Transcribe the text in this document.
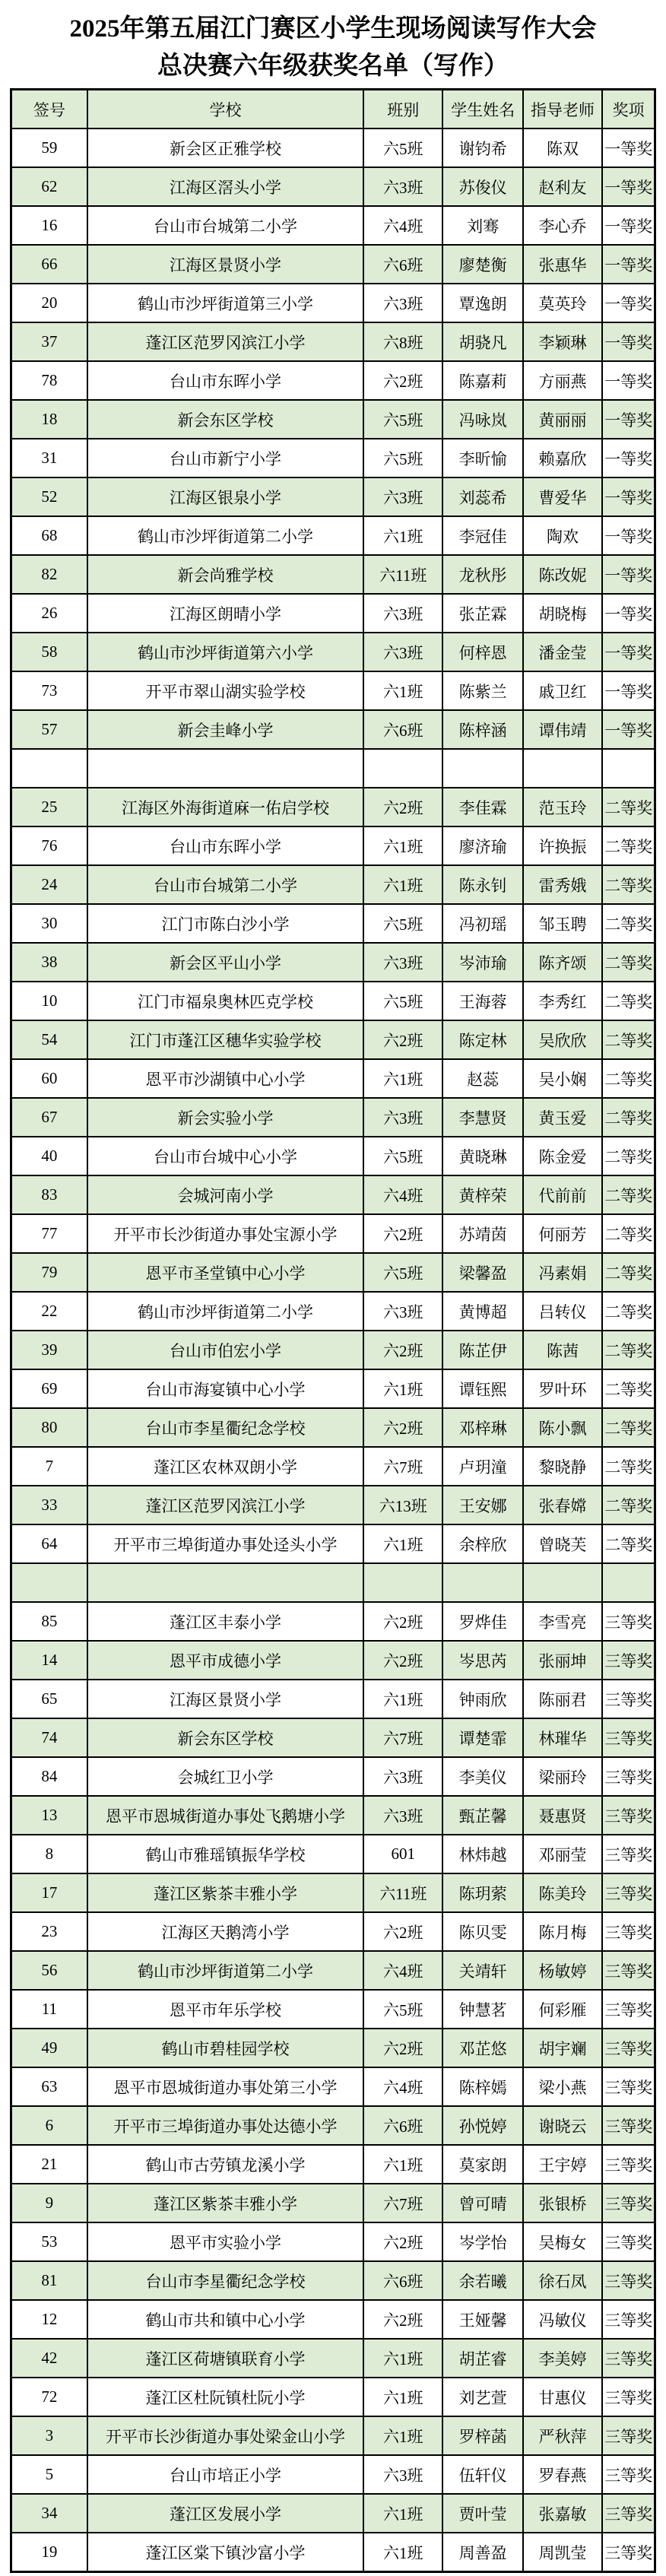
2025年第五届江门赛区小学生现场阅读写作大会
总决赛六年级获奖名单（写作）
签号	学校	班别	学生姓名	指导老师	奖项
59	新会区正雅学校	六5班	谢钧希	陈双	一等奖
62	江海区滘头小学	六3班	苏俊仪	赵利友	一等奖
16	台山市台城第二小学	六4班	刘骞	李心乔	一等奖
66	江海区景贤小学	六6班	廖楚衡	张惠华	一等奖
20	鹤山市沙坪街道第三小学	六3班	覃逸朗	莫英玲	一等奖
37	蓬江区范罗冈滨江小学	六8班	胡骁凡	李颖琳	一等奖
78	台山市东晖小学	六2班	陈嘉莉	方丽燕	一等奖
18	新会东区学校	六5班	冯咏岚	黄丽丽	一等奖
31	台山市新宁小学	六5班	李昕愉	赖嘉欣	一等奖
52	江海区银泉小学	六3班	刘蕊希	曹爱华	一等奖
68	鹤山市沙坪街道第二小学	六1班	李冠佳	陶欢	一等奖
82	新会尚雅学校	六11班	龙秋彤	陈改妮	一等奖
26	江海区朗晴小学	六3班	张芷霖	胡晓梅	一等奖
58	鹤山市沙坪街道第六小学	六3班	何梓恩	潘金莹	一等奖
73	开平市翠山湖实验学校	六1班	陈紫兰	戚卫红	一等奖
57	新会圭峰小学	六6班	陈梓涵	谭伟靖	一等奖

25	江海区外海街道麻一佑启学校	六2班	李佳霖	范玉玲	二等奖
76	台山市东晖小学	六1班	廖济瑜	许换振	二等奖
24	台山市台城第二小学	六1班	陈永钊	雷秀娥	二等奖
30	江门市陈白沙小学	六5班	冯初瑶	邹玉聘	二等奖
38	新会区平山小学	六3班	岑沛瑜	陈齐颂	二等奖
10	江门市福泉奥林匹克学校	六5班	王海蓉	李秀红	二等奖
54	江门市蓬江区穗华实验学校	六2班	陈定林	吴欣欣	二等奖
60	恩平市沙湖镇中心小学	六1班	赵蕊	吴小娴	二等奖
67	新会实验小学	六3班	李慧贤	黄玉爱	二等奖
40	台山市台城中心小学	六5班	黄晓琳	陈金爱	二等奖
83	会城河南小学	六4班	黄梓荣	代前前	二等奖
77	开平市长沙街道办事处宝源小学	六2班	苏靖茵	何丽芳	二等奖
79	恩平市圣堂镇中心小学	六5班	梁馨盈	冯素娟	二等奖
22	鹤山市沙坪街道第二小学	六3班	黄博超	吕转仪	二等奖
39	台山市伯宏小学	六2班	陈芷伊	陈茜	二等奖
69	台山市海宴镇中心小学	六1班	谭钰熙	罗叶环	二等奖
80	台山市李星衢纪念学校	六2班	邓梓琳	陈小飘	二等奖
7	蓬江区农林双朗小学	六7班	卢玥潼	黎晓静	二等奖
33	蓬江区范罗冈滨江小学	六13班	王安娜	张春嫦	二等奖
64	开平市三埠街道办事处迳头小学	六1班	余梓欣	曾晓芙	二等奖

85	蓬江区丰泰小学	六2班	罗烨佳	李雪亮	三等奖
14	恩平市成德小学	六2班	岑思芮	张丽坤	三等奖
65	江海区景贤小学	六1班	钟雨欣	陈丽君	三等奖
74	新会东区学校	六7班	谭楚霏	林璀华	三等奖
84	会城红卫小学	六3班	李美仪	梁丽玲	三等奖
13	恩平市恩城街道办事处飞鹅塘小学	六3班	甄芷馨	聂惠贤	三等奖
8	鹤山市雅瑶镇振华学校	601	林炜越	邓丽莹	三等奖
17	蓬江区紫茶丰雅小学	六11班	陈玥萦	陈美玲	三等奖
23	江海区天鹅湾小学	六2班	陈贝雯	陈月梅	三等奖
56	鹤山市沙坪街道第二小学	六4班	关靖轩	杨敏婷	三等奖
11	恩平市年乐学校	六5班	钟慧茗	何彩雁	三等奖
49	鹤山市碧桂园学校	六2班	邓芷悠	胡宇斓	三等奖
63	恩平市恩城街道办事处第三小学	六4班	陈梓嫣	梁小燕	三等奖
6	开平市三埠街道办事处达德小学	六6班	孙悦婷	谢晓云	三等奖
21	鹤山市古劳镇龙溪小学	六1班	莫家朗	王宇婷	三等奖
9	蓬江区紫茶丰雅小学	六7班	曾可晴	张银桥	三等奖
53	恩平市实验小学	六2班	岑学怡	吴梅女	三等奖
81	台山市李星衢纪念学校	六6班	余若曦	徐石凤	三等奖
12	鹤山市共和镇中心小学	六2班	王娅馨	冯敏仪	三等奖
42	蓬江区荷塘镇联育小学	六1班	胡芷睿	李美婷	三等奖
72	蓬江区杜阮镇杜阮小学	六1班	刘艺萱	甘惠仪	三等奖
3	开平市长沙街道办事处梁金山小学	六1班	罗梓菡	严秋萍	三等奖
5	台山市培正小学	六3班	伍轩仪	罗春燕	三等奖
34	蓬江区发展小学	六1班	贾叶莹	张嘉敏	三等奖
19	蓬江区棠下镇沙富小学	六1班	周善盈	周凯莹	三等奖
